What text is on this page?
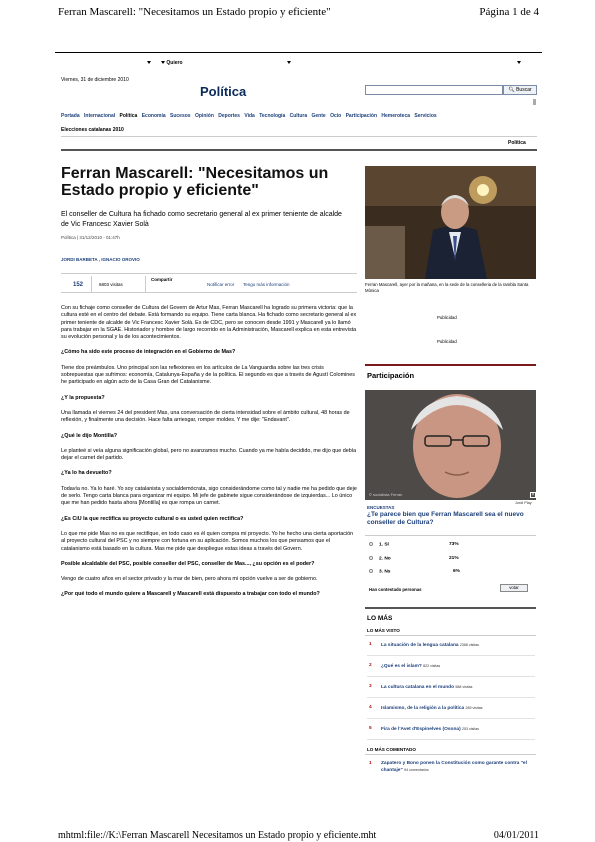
Ferran Mascarell: "Necesitamos un Estado propio y eficiente"	Página 1 de 4
Quiero
Viernes, 31 de diciembre 2010
Política	🔍︎ Buscar
Portada Internacional Política Economía Sucesos Opinión Deportes Vida Tecnología Cultura Gente Ocio Participación Hemeroteca Servicios
Elecciones catalanas 2010
Política
Ferran Mascarell: "Necesitamos un Estado propio y eficiente"
El conseller de Cultura ha fichado como secretario general al ex primer teniente de alcalde de Vic Francesc Xavier Solà
Política | 31/12/2010 - 01:47h
JORDI BARBETA , IGNACIO OROVIO
152	6803 visitas
Compartir
Notificar error Tengo más información

Con su fichaje como conseller de Cultura del Govern de Artur Mas, Ferran Mascarell ha logrado su primera victoria: que la cultura esté en el centro del debate. Está formando su equipo. Tiene carta blanca. Ha fichado como secretario general al ex primer teniente de alcalde de Vic Francesc Xavier Solà. Es de CDC, pero se conocen desde 1991 y Mascarell ya lo llamó para trabajar en la SGAE. Historiador y hombre de largo recorrido en la Administración, Mascarell explica en esta entrevista su evolución personal y la de los acontecimientos.

¿Cómo ha sido este proceso de integración en el Gobierno de Mas?

Tiene dos preámbulos. Uno principal son las reflexiones en los artículos de La Vanguardia sobre las tres crisis sobrepuestas que sufrimos: economía, Catalunya-España y de la política. El segundo es que a través de Agustí Colomines he participado en algún acto de la Casa Gran del Catalanisme.

¿Y la propuesta?

Una llamada el viernes 24 del president Mas, una conversación de cierta intensidad sobre el ámbito cultural, 48 horas de reflexión, y finalmente una decisión. Hace falta arriesgar, romper moldes. Y me dije: "Endavant".

¿Qué le dijo Montilla?

Le planteé si veía alguna significación global, pero no avanzamos mucho. Cuando ya me había decidido, me dijo que debía dejar el carnet del partido.

¿Ya lo ha devuelto?

Todavía no. Ya lo haré. Yo soy catalanista y socialdemócrata, sigo considerándome como tal y nadie me ha pedido que deje de serlo. Tengo carta blanca para organizar mi equipo. Mi jefe de gabinete sigue considerándose de izquierdas... Lo único que me han pedido hasta ahora [Montilla] es que rompa un carnet.

¿Es CiU la que rectifica su proyecto cultural o es usted quien rectifica?

Lo que me pide Mas no es que rectifique, en todo caso es él quien compra mi proyecto. Yo he hecho una cierta aportación al proyecto cultural del PSC y no siempre con fortuna en su aplicación. Somos muchos los que pensamos que el catalanismo está basado en la cultura. Mas me pide que despliegue estas ideas a través del Govern.

Posible alcaldable del PSC, posible conseller del PSC, conseller de Mas..., ¿su opción es el poder?

Vengo de cuatro años en el sector privado y la mar de bien, pero ahora mi opción vuelve a ser de gobierno.

¿Por qué todo el mundo quiere a Mascarell y Mascarell está dispuesto a trabajar con todo el mundo?

Ferran Mascarell, ayer por la mañana, en la sede de la conselleria de la rambla Santa Mònica
Publicidad
Publicidad
Participación
© socialista Ferran	×
Jordi Play
ENCUESTAS
¿Te parece bien que Ferran Mascarell sea el nuevo conseller de Cultura?
1. Sí	73%
2. No	21%
3. Ns	6%
Han contestado personas	votar
LO MÁS
LO MÁS VISTO
1 La situación de la lengua catalana 2368 visitas
2 ¿Qué es el islam? 822 visitas
3 La cultura catalana en el mundo 588 visitas
4 Islamismo, de la religión a la política 289 visitas
5 Fira de l'Avet d'Espinelves (Osona) 253 visitas
LO MÁS COMENTADO
1 Zapatero y Bono ponen la Constitución como garante contra "el chantaje" 94 comentarios
mhtml:file://K:\Ferran Mascarell Necesitamos un Estado propio y eficiente.mht	04/01/2011
